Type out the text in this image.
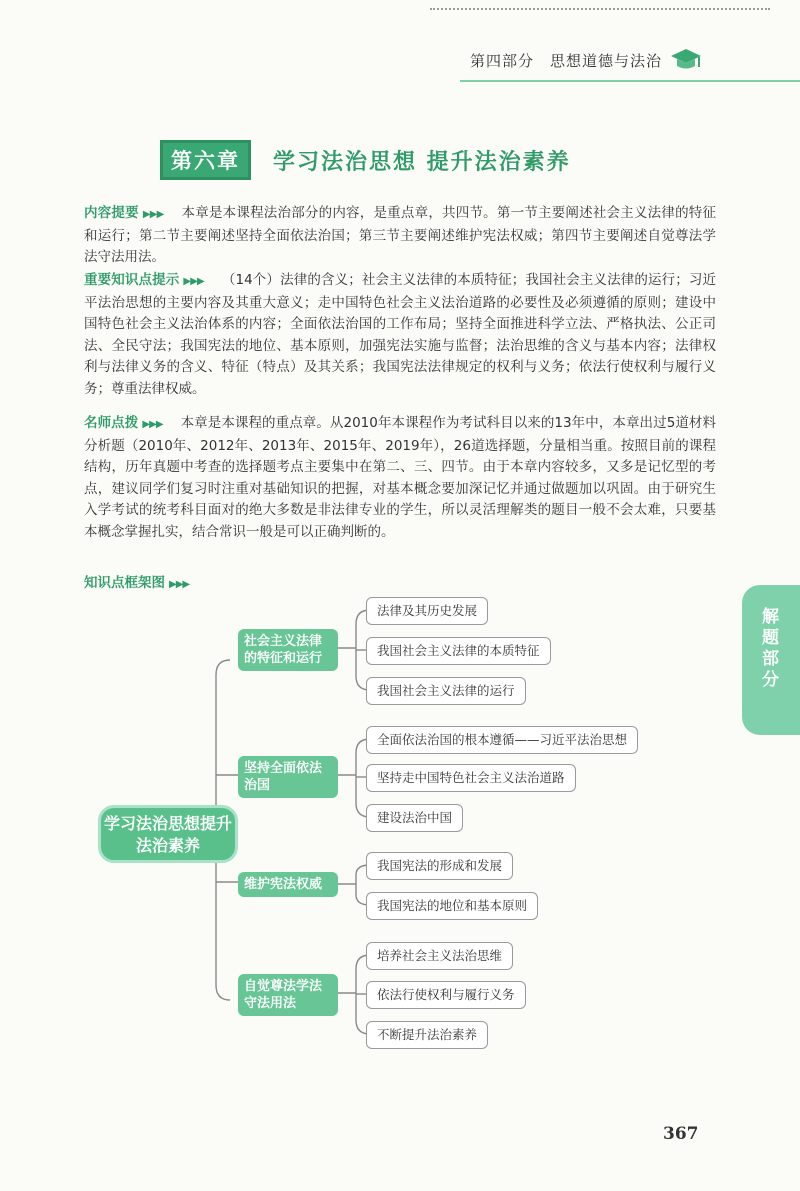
第四部分　思想道德与法治
第六章	学习法治思想 提升法治素养
内容提要 ▶▶▶ 本章是本课程法治部分的内容，是重点章，共四节。第一节主要阐述社会主义法律的特征和运行；第二节主要阐述坚持全面依法治国；第三节主要阐述维护宪法权威；第四节主要阐述自觉尊法学法守法用法。
重要知识点提示 ▶▶▶ （14个）法律的含义；社会主义法律的本质特征；我国社会主义法律的运行；习近平法治思想的主要内容及其重大意义；走中国特色社会主义法治道路的必要性及必须遵循的原则；建设中国特色社会主义法治体系的内容；全面依法治国的工作布局；坚持全面推进科学立法、严格执法、公正司法、全民守法；我国宪法的地位、基本原则，加强宪法实施与监督；法治思维的含义与基本内容；法律权利与法律义务的含义、特征（特点）及其关系；我国宪法法律规定的权利与义务；依法行使权利与履行义务；尊重法律权威。
名师点拨 ▶▶▶ 本章是本课程的重点章。从2010年本课程作为考试科目以来的13年中，本章出过5道材料分析题（2010年、2012年、2013年、2015年、2019年），26道选择题，分量相当重。按照目前的课程结构，历年真题中考查的选择题考点主要集中在第二、三、四节。由于本章内容较多，又多是记忆型的考点，建议同学们复习时注重对基础知识的把握，对基本概念要加深记忆并通过做题加以巩固。由于研究生入学考试的统考科目面对的绝大多数是非法律专业的学生，所以灵活理解类的题目一般不会太难，只要基本概念掌握扎实，结合常识一般是可以正确判断的。
知识点框架图 ▶▶▶
解题部分
学习法治思想提升法治素养
社会主义法律的特征和运行
法律及其历史发展
我国社会主义法律的本质特征
我国社会主义法律的运行
坚持全面依法治国
全面依法治国的根本遵循——习近平法治思想
坚持走中国特色社会主义法治道路
建设法治中国
维护宪法权威
我国宪法的形成和发展
我国宪法的地位和基本原则
自觉尊法学法守法用法
培养社会主义法治思维
依法行使权利与履行义务
不断提升法治素养
367
